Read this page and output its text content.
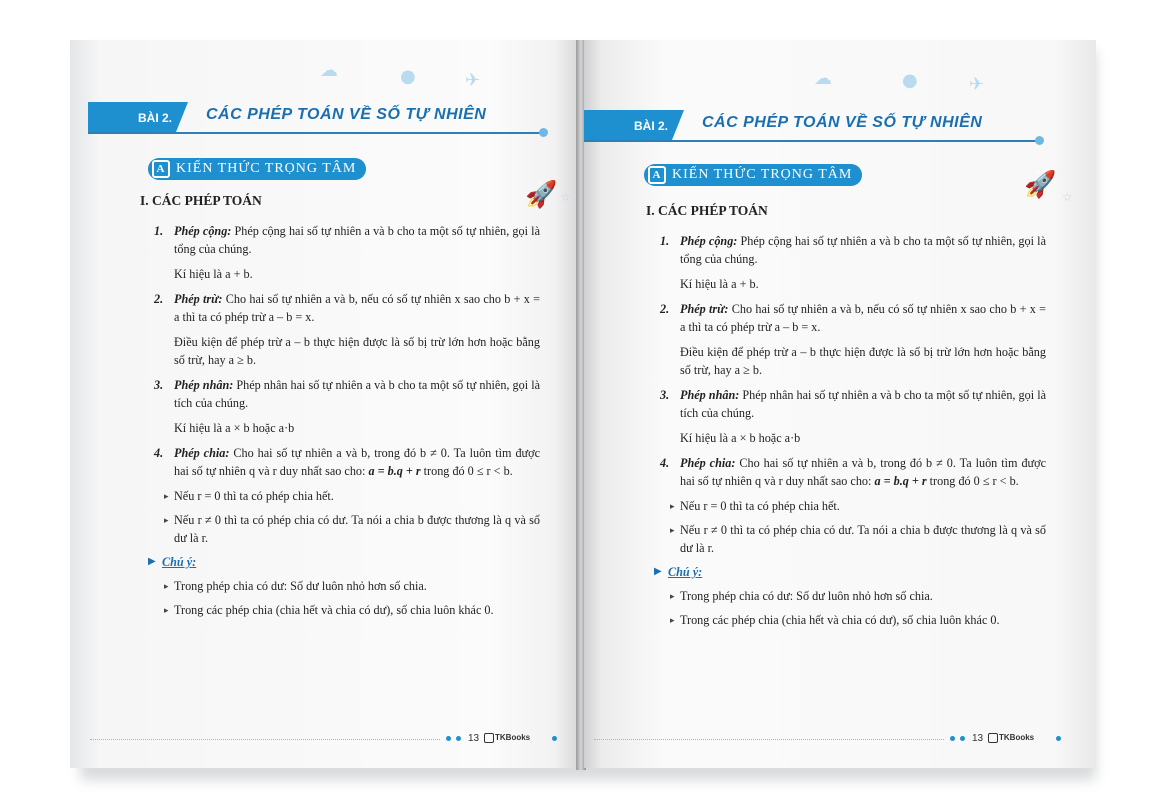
☁	●	✈
🚀 ☆
BÀI 2. CÁC PHÉP TOÁN VỀ SỐ TỰ NHIÊN
A KIẾN THỨC TRỌNG TÂM
I. CÁC PHÉP TOÁN
1. Phép cộng: Phép cộng hai số tự nhiên a và b cho ta một số tự nhiên, gọi là tổng của chúng.
Kí hiệu là a + b.
2. Phép trừ: Cho hai số tự nhiên a và b, nếu có số tự nhiên x sao cho b + x = a thì ta có phép trừ a – b = x.
Điều kiện để phép trừ a – b thực hiện được là số bị trừ lớn hơn hoặc bằng số trừ, hay a ≥ b.
3. Phép nhân: Phép nhân hai số tự nhiên a và b cho ta một số tự nhiên, gọi là tích của chúng.
Kí hiệu là a × b hoặc a·b
4. Phép chia: Cho hai số tự nhiên a và b, trong đó b ≠ 0. Ta luôn tìm được hai số tự nhiên q và r duy nhất sao cho: a = b.q + r trong đó 0 ≤ r < b.
▸ Nếu r = 0 thì ta có phép chia hết.
▸ Nếu r ≠ 0 thì ta có phép chia có dư. Ta nói a chia b được thương là q và số dư là r.
▶ Chú ý:
▸ Trong phép chia có dư: Số dư luôn nhỏ hơn số chia.
▸ Trong các phép chia (chia hết và chia có dư), số chia luôn khác 0.
13	TKBooks
☁	●	✈
🚀 ☆
BÀI 2. CÁC PHÉP TOÁN VỀ SỐ TỰ NHIÊN
A KIẾN THỨC TRỌNG TÂM
I. CÁC PHÉP TOÁN
1. Phép cộng: Phép cộng hai số tự nhiên a và b cho ta một số tự nhiên, gọi là tổng của chúng.
Kí hiệu là a + b.
2. Phép trừ: Cho hai số tự nhiên a và b, nếu có số tự nhiên x sao cho b + x = a thì ta có phép trừ a – b = x.
Điều kiện để phép trừ a – b thực hiện được là số bị trừ lớn hơn hoặc bằng số trừ, hay a ≥ b.
3. Phép nhân: Phép nhân hai số tự nhiên a và b cho ta một số tự nhiên, gọi là tích của chúng.
Kí hiệu là a × b hoặc a·b
4. Phép chia: Cho hai số tự nhiên a và b, trong đó b ≠ 0. Ta luôn tìm được hai số tự nhiên q và r duy nhất sao cho: a = b.q + r trong đó 0 ≤ r < b.
▸ Nếu r = 0 thì ta có phép chia hết.
▸ Nếu r ≠ 0 thì ta có phép chia có dư. Ta nói a chia b được thương là q và số dư là r.
▶ Chú ý:
▸ Trong phép chia có dư: Số dư luôn nhỏ hơn số chia.
▸ Trong các phép chia (chia hết và chia có dư), số chia luôn khác 0.
13	TKBooks
